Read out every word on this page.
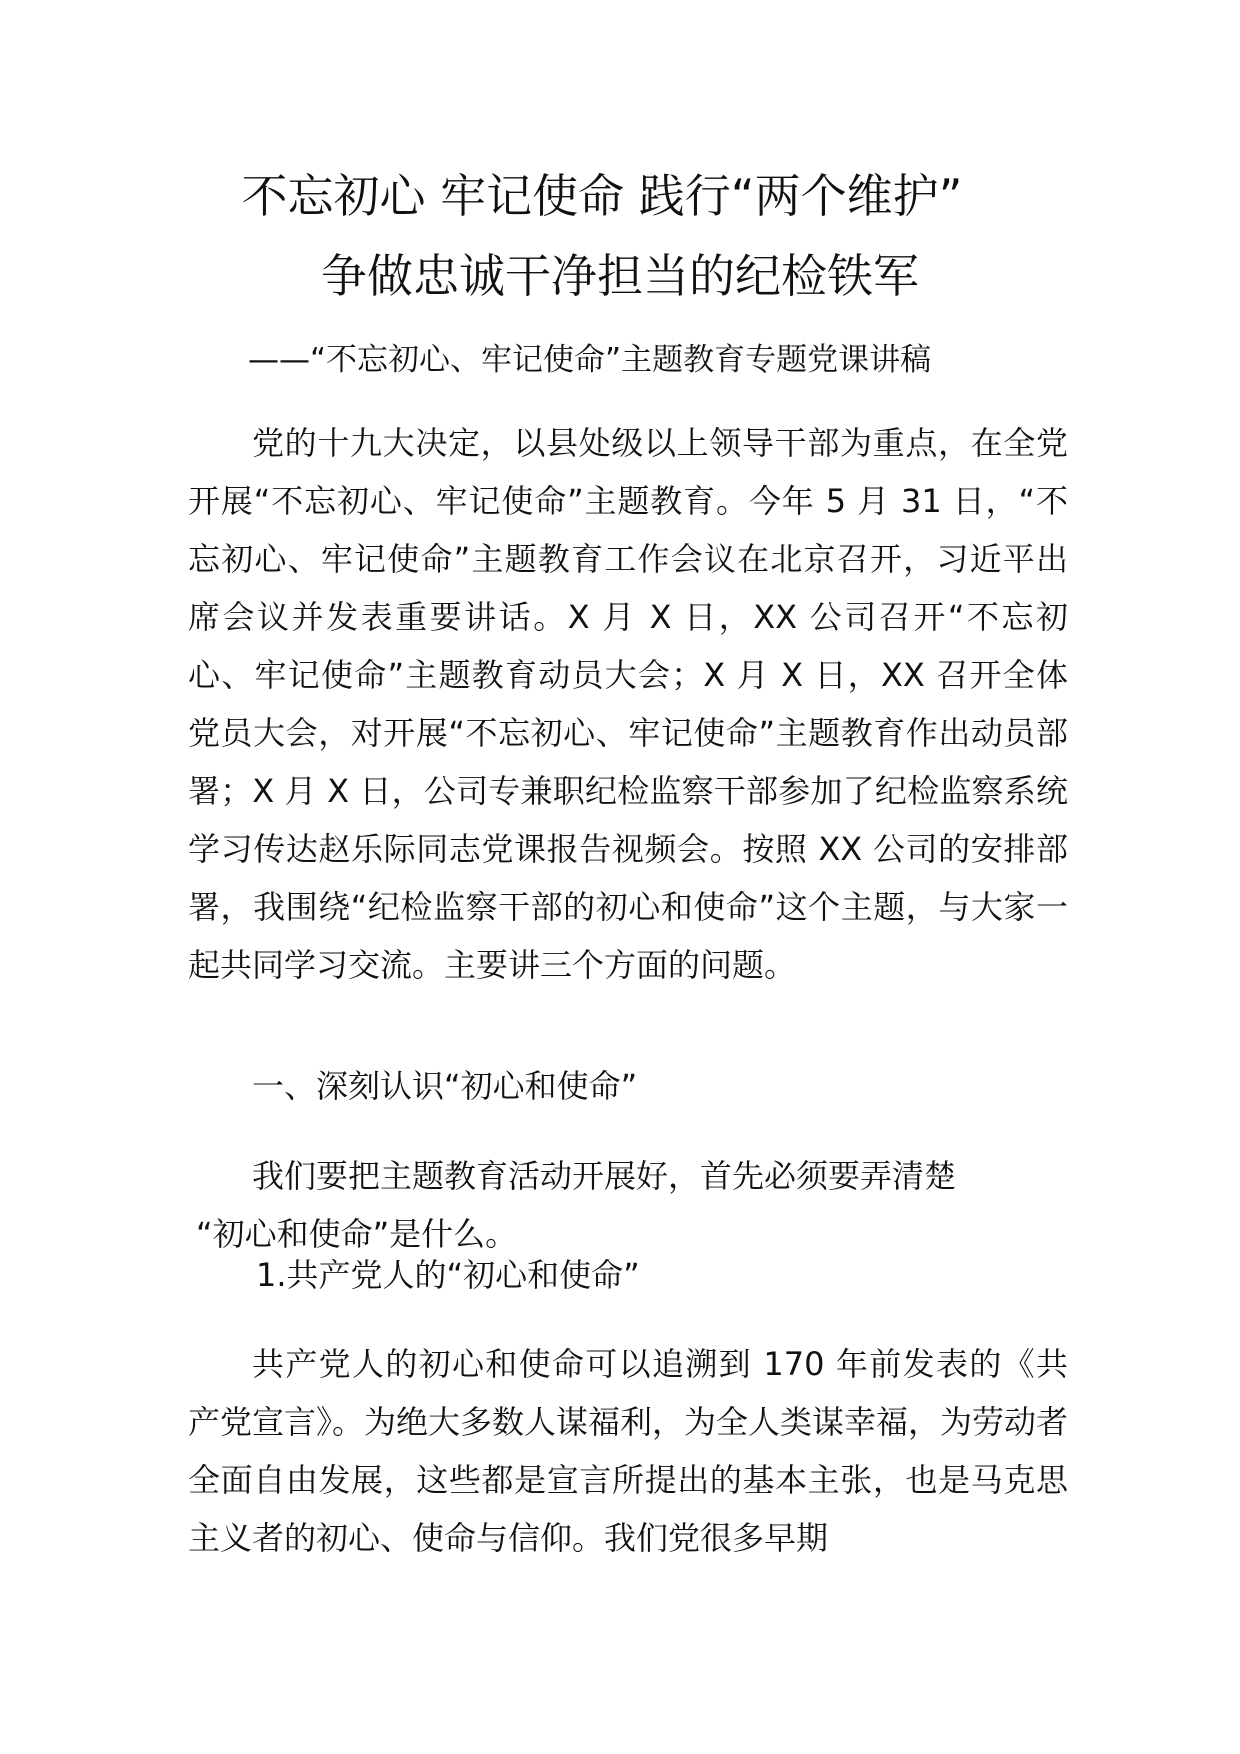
不忘初心 牢记使命 践行“两个维护”
争做忠诚干净担当的纪检铁军
——“不忘初心、牢记使命”主题教育专题党课讲稿
党的十九大决定，以县处级以上领导干部为重点，在全党开展“不忘初心、牢记使命”主题教育。今年 5 月 31 日，“不忘初心、牢记使命”主题教育工作会议在北京召开，习近平出席会议并发表重要讲话。X 月 X 日，XX 公司召开“不忘初心、牢记使命”主题教育动员大会；X 月 X 日，XX 召开全体党员大会，对开展“不忘初心、牢记使命”主题教育作出动员部署；X 月 X 日，公司专兼职纪检监察干部参加了纪检监察系统学习传达赵乐际同志党课报告视频会。按照 XX 公司的安排部署，我围绕“纪检监察干部的初心和使命”这个主题，与大家一起共同学习交流。主要讲三个方面的问题。
一、深刻认识“初心和使命”
我们要把主题教育活动开展好，首先必须要弄清楚
“初心和使命”是什么。
1.共产党人的“初心和使命”
共产党人的初心和使命可以追溯到 170 年前发表的《共产党宣言》。为绝大多数人谋福利，为全人类谋幸福，为劳动者全面自由发展，这些都是宣言所提出的基本主张，也是马克思主义者的初心、使命与信仰。我们党很多早期
